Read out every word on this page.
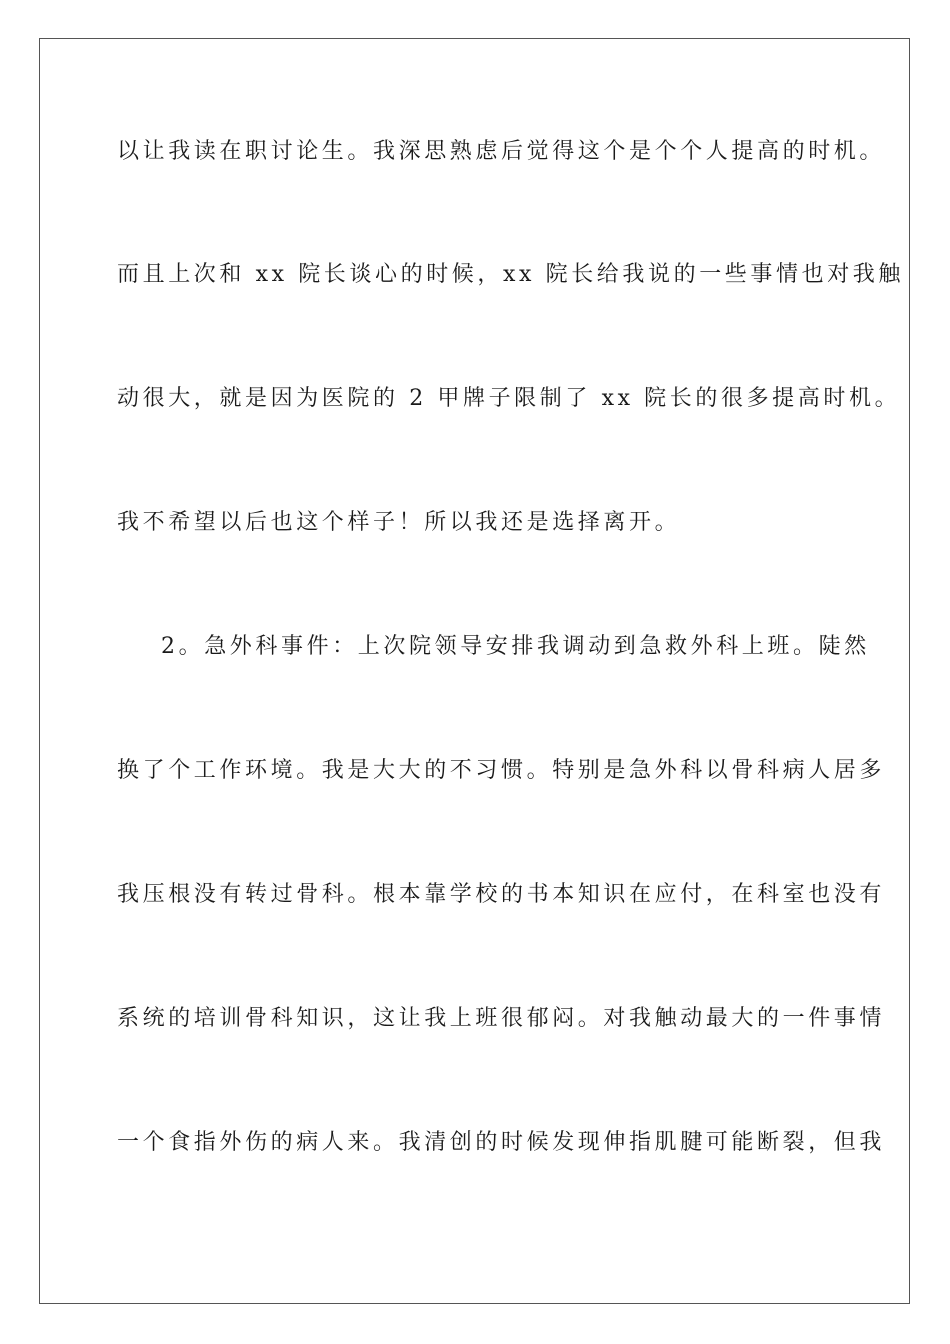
以让我读在职讨论生。我深思熟虑后觉得这个是个个人提高的时机。
而且上次和 xx 院长谈心的时候，xx 院长给我说的一些事情也对我触
动很大，就是因为医院的 2 甲牌子限制了 xx 院长的很多提高时机。
我不希望以后也这个样子！所以我还是选择离开。
2。急外科事件：上次院领导安排我调动到急救外科上班。陡然
换了个工作环境。我是大大的不习惯。特别是急外科以骨科病人居多
我压根没有转过骨科。根本靠学校的书本知识在应付，在科室也没有
系统的培训骨科知识，这让我上班很郁闷。对我触动最大的一件事情
一个食指外伤的病人来。我清创的时候发现伸指肌腱可能断裂，但我
